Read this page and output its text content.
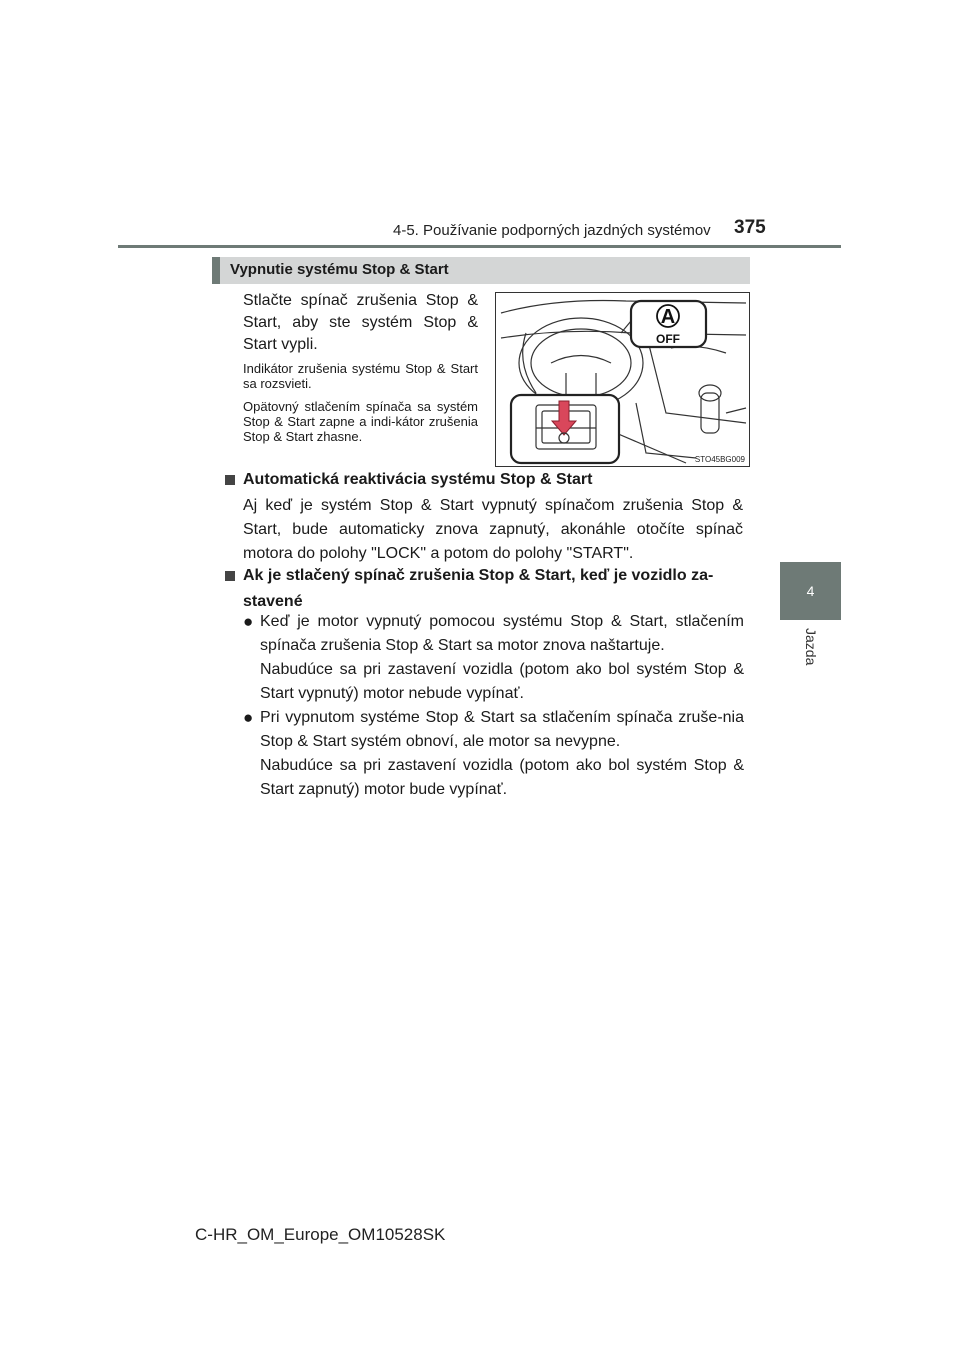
4-5. Používanie podporných jazdných systémov 375
4
Jazda
Vypnutie systému Stop & Start
Stlačte spínač zrušenia Stop & Start, aby ste systém Stop & Start vypli.
Indikátor zrušenia systému Stop & Start sa rozsvieti.
Opätovný stlačením spínača sa systém Stop & Start zapne a indi-kátor zrušenia Stop & Start zhasne.
A
OFF
STO45BG009
Automatická reaktivácia systému Stop & Start
Aj keď je systém Stop & Start vypnutý spínačom zrušenia Stop & Start, bude automaticky znova zapnutý, akonáhle otočíte spínač motora do polohy "LOCK" a potom do polohy "START".
Ak je stlačený spínač zrušenia Stop & Start, keď je vozidlo za-stavené
● Keď je motor vypnutý pomocou systému Stop & Start, stlačením spínača zrušenia Stop & Start sa motor znova naštartuje.
Nabudúce sa pri zastavení vozidla (potom ako bol systém Stop & Start vypnutý) motor nebude vypínať.
● Pri vypnutom systéme Stop & Start sa stlačením spínača zruše-nia Stop & Start systém obnoví, ale motor sa nevypne.
Nabudúce sa pri zastavení vozidla (potom ako bol systém Stop & Start zapnutý) motor bude vypínať.
C-HR_OM_Europe_OM10528SK
